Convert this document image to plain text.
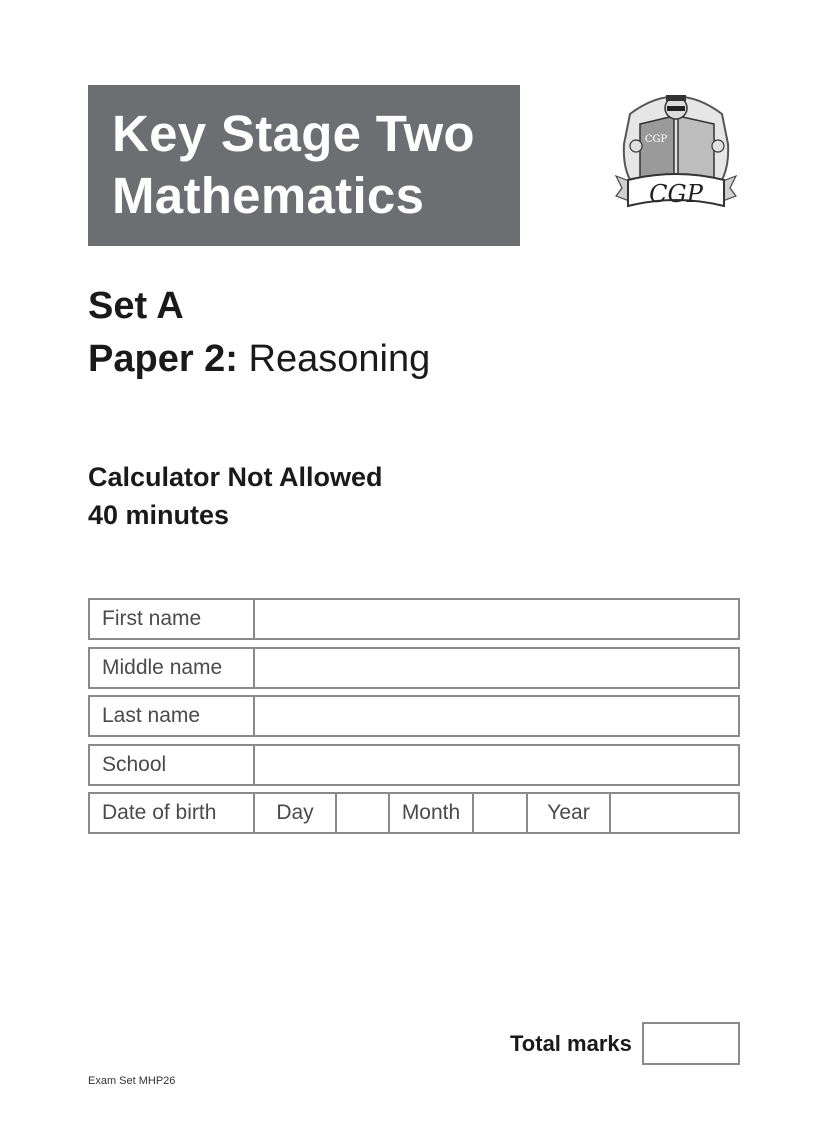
Key Stage Two
Mathematics
CGP
CGP
Set A
Paper 2: Reasoning
Calculator Not Allowed
40 minutes
First name
Middle name
Last name
School
Date of birth	Day	Month	Year
Total marks
Exam Set MHP26
